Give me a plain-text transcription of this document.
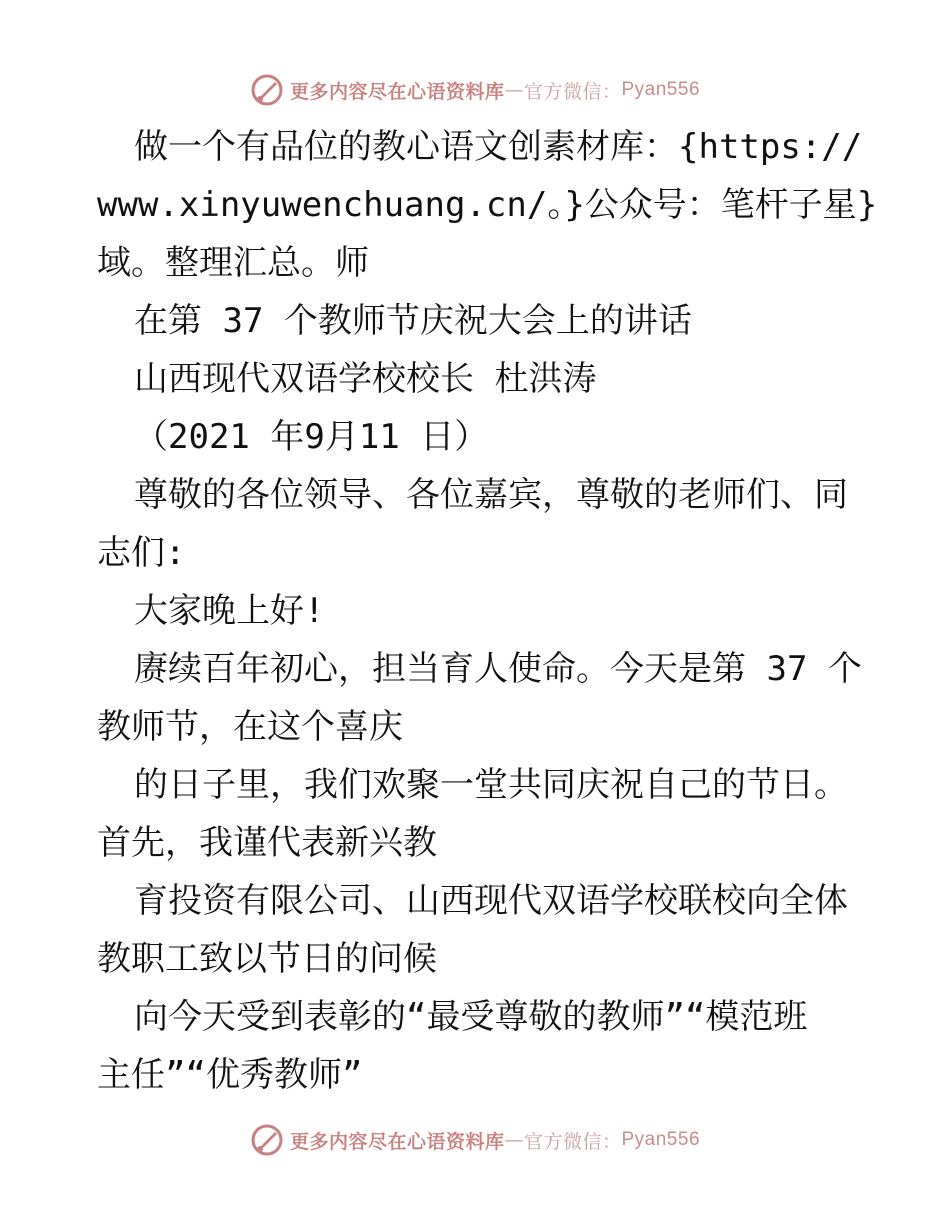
更多内容尽在心语资料库 — 官方微信： Pyan556
做一个有品位的教心语文创素材库：{https://
www.xinyuwenchuang.cn/。}公众号：笔杆子星}
域。整理汇总。师
在第 37 个教师节庆祝大会上的讲话
山西现代双语学校校长 杜洪涛
（2021 年9月11 日）
尊敬的各位领导、各位嘉宾，尊敬的老师们、同
志们:
大家晚上好!
赓续百年初心，担当育人使命。今天是第 37 个
教师节，在这个喜庆
的日子里，我们欢聚一堂共同庆祝自己的节日。
首先，我谨代表新兴教
育投资有限公司、山西现代双语学校联校向全体
教职工致以节日的问候
向今天受到表彰的“最受尊敬的教师”“模范班
主任”“优秀教师”
更多内容尽在心语资料库 — 官方微信： Pyan556
